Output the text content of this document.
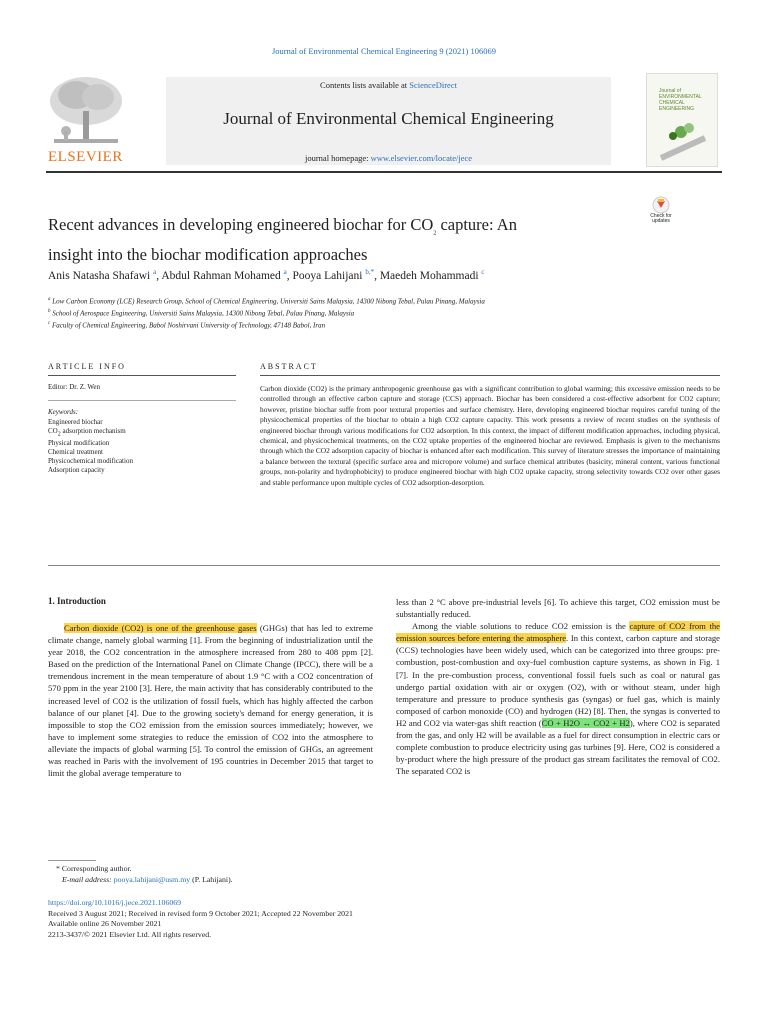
Journal of Environmental Chemical Engineering 9 (2021) 106069
ELSEVIER
Contents lists available at ScienceDirect
Journal of Environmental Chemical Engineering
journal homepage: www.elsevier.com/locate/jece
Journal of
ENVIRONMENTAL
CHEMICAL
ENGINEERING
Recent advances in developing engineered biochar for $CO_2$ capture: An
insight into the biochar modification approaches
Check for
updates
Anis Natasha Shafawi $^a$, Abdul Rahman Mohamed $^a$, Pooya Lahijani $^{b,*}$, Maedeh Mohammadi $^c$
$^a$ Low Carbon Economy (LCE) Research Group, School of Chemical Engineering, Universiti Sains Malaysia, 14300 Nibong Tebal, Pulau Pinang, Malaysia
$^b$ School of Aerospace Engineering, Universiti Sains Malaysia, 14300 Nibong Tebal, Pulau Pinang, Malaysia
$^c$ Faculty of Chemical Engineering, Babol Noshirvani University of Technology, 47148 Babol, Iran
ARTICLE INFO
Editor: Dr. Z. Wen
Keywords:
Engineered biochar
$CO_2$ adsorption mechanism
Physical modification
Chemical treatment
Physicochemical modification
Adsorption capacity
ABSTRACT
Carbon dioxide (CO2) is the primary anthropogenic greenhouse gas with a significant contribution to global warming; this excessive emission needs to be controlled through an effective carbon capture and storage (CCS) approach. Biochar has been considered a cost-effective adsorbent for CO2 capture; however, pristine biochar suffe from poor textural properties and surface chemistry. Here, developing engineered biochar requires careful tuning of the physicochemical properties of the biochar to obtain a high CO2 capture capacity. This work presents a review of recent studies on the synthesis of engineered biochar through various modifications for CO2 adsorption. In this context, the impact of different modification approaches, including physical, chemical, and physicochemical treatments, on the CO2 uptake properties of the engineered biochar are reviewed. Emphasis is given to the mechanisms through which the CO2 adsorption capacity of biochar is enhanced after each modification. This survey of literature stresses the importance of maintaining a balance between the textural (specific surface area and micropore volume) and surface chemical attributes (basicity, mineral content, various functional groups, non-polarity and hydrophobicity) to produce engineered biochar with high CO2 uptake capacity, strong selectivity towards CO2 over other gases and stable performance upon multiple cycles of CO2 adsorption-desorption.
1. Introduction

Carbon dioxide (CO2) is one of the greenhouse gases (GHGs) that has led to extreme climate change, namely global warming [1]. From the beginning of industrialization until the year 2018, the CO2 concentration in the atmosphere increased from 280 to 408 ppm [2]. Based on the prediction of the International Panel on Climate Change (IPCC), there will be a tremendous increment in the mean temperature of about 1.9 °C with a CO2 concentration of 570 ppm in the year 2100 [3]. Here, the main activity that has considerably contributed to the increased level of CO2 is the utilization of fossil fuels, which has highly affected the carbon balance of our planet [4]. Due to the growing society's demand for energy generation, it is impossible to stop the CO2 emission from the emission sources immediately; however, we have to implement some strategies to reduce the emission of CO2 into the atmosphere to alleviate the impacts of global warming [5]. To control the emission of GHGs, an agreement was reached in Paris with the involvement of 195 countries in December 2015 that target to limit the global average temperature to

less than 2 °C above pre-industrial levels [6]. To achieve this target, CO2 emission must be substantially reduced.

Among the viable solutions to reduce CO2 emission is the capture of CO2 from the emission sources before entering the atmosphere. In this context, carbon capture and storage (CCS) technologies have been widely used, which can be categorized into three groups: pre-combustion, post-combustion and oxy-fuel combustion capture systems, as shown in Fig. 1 [7]. In the pre-combustion process, conventional fossil fuels such as coal or natural gas undergo partial oxidation with air or oxygen (O2), with or without steam, under high temperature and pressure to produce synthesis gas (syngas) or fuel gas, which is mainly composed of carbon monoxide (CO) and hydrogen (H2) [8]. Then, the syngas is converted to H2 and CO2 via water-gas shift reaction (CO + H2O ↔ CO2 + H2), where CO2 is separated from the gas, and only H2 will be available as a fuel for direct consumption in electric cars or complete combustion to produce electricity using gas turbines [9]. Here, CO2 is considered a by-product where the high pressure of the product gas stream facilitates the removal of CO2. The separated CO2 is

* Corresponding author.
E-mail address: pooya.lahijani@usm.my (P. Lahijani).
https://doi.org/10.1016/j.jece.2021.106069
Received 3 August 2021; Received in revised form 9 October 2021; Accepted 22 November 2021
Available online 26 November 2021
2213-3437/© 2021 Elsevier Ltd. All rights reserved.
